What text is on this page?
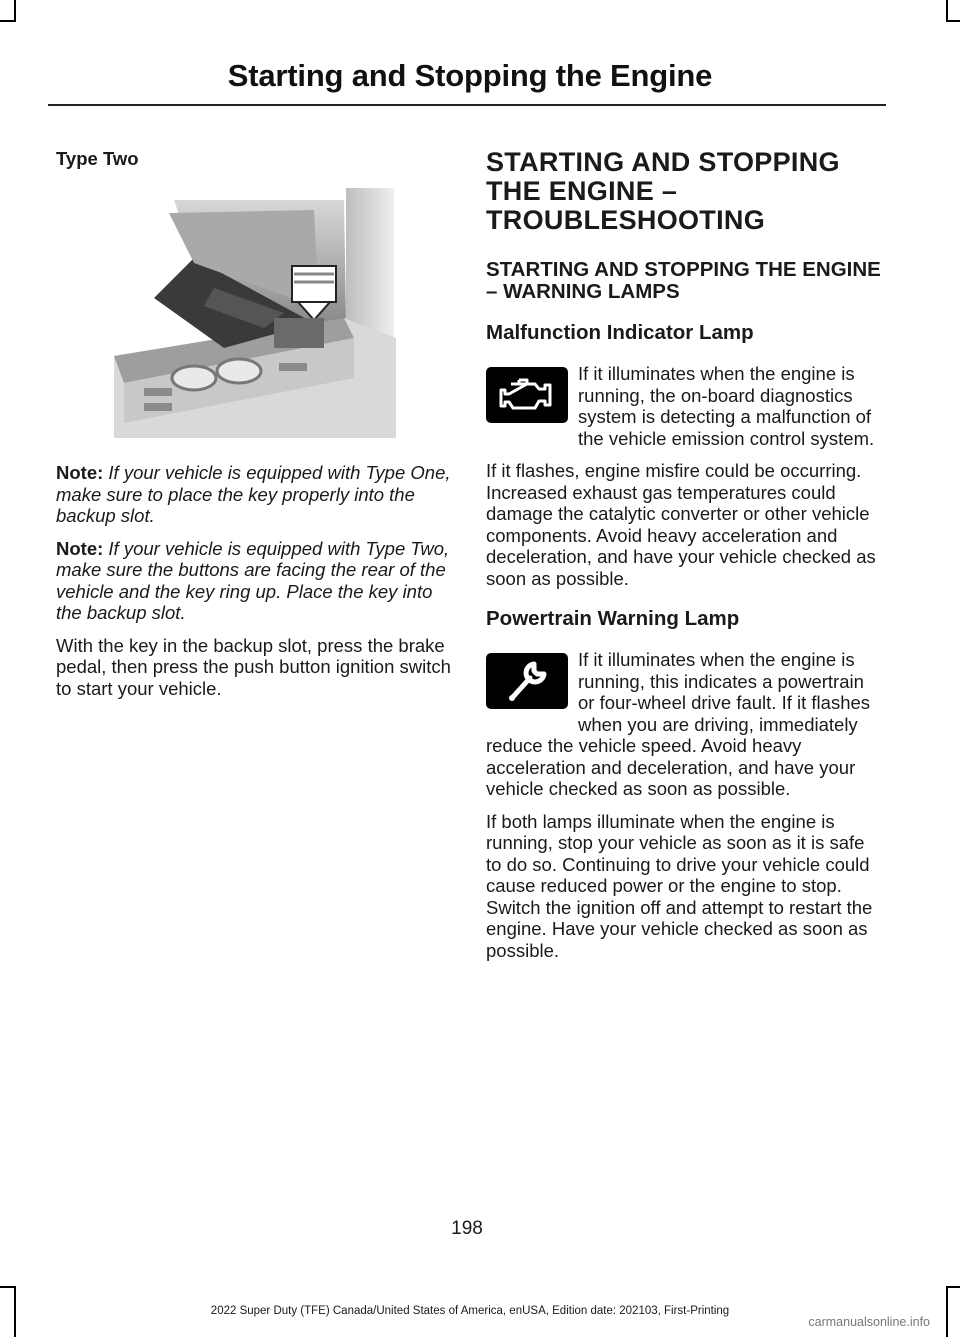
Starting and Stopping the Engine
Type Two

Note: If your vehicle is equipped with Type One, make sure to place the key properly into the backup slot.

Note: If your vehicle is equipped with Type Two, make sure the buttons are facing the rear of the vehicle and the key ring up. Place the key into the backup slot.

With the key in the backup slot, press the brake pedal, then press the push button ignition switch to start your vehicle.

STARTING AND STOPPING
THE ENGINE –
TROUBLESHOOTING
STARTING AND STOPPING THE ENGINE – WARNING LAMPS
Malfunction Indicator Lamp

If it illuminates when the engine is running, the on-board diagnostics system is detecting a malfunction of the vehicle emission control system.

If it flashes, engine misfire could be occurring. Increased exhaust gas temperatures could damage the catalytic converter or other vehicle components. Avoid heavy acceleration and deceleration, and have your vehicle checked as soon as possible.

Powertrain Warning Lamp

If it illuminates when the engine is running, this indicates a powertrain or four-wheel drive fault. If it flashes when you are driving, immediately reduce the vehicle speed. Avoid heavy acceleration and deceleration, and have your vehicle checked as soon as possible.

If both lamps illuminate when the engine is running, stop your vehicle as soon as it is safe to do so. Continuing to drive your vehicle could cause reduced power or the engine to stop. Switch the ignition off and attempt to restart the engine. Have your vehicle checked as soon as possible.

198
2022 Super Duty (TFE) Canada/United States of America, enUSA, Edition date: 202103, First-Printing
carmanualsonline.info
